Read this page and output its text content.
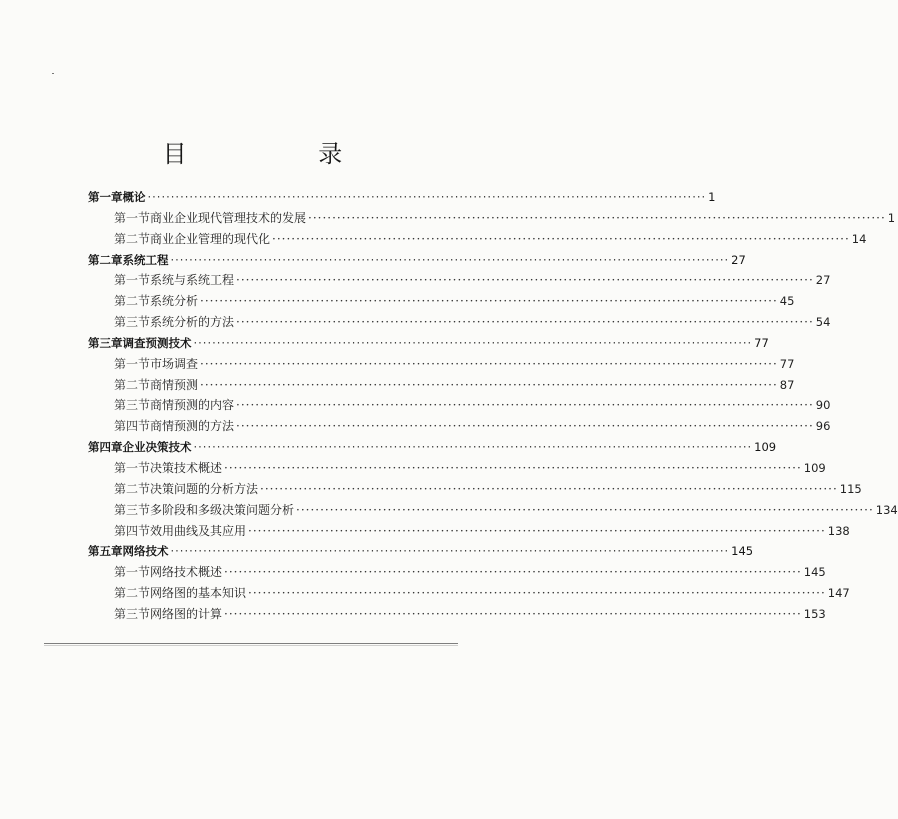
目 录
第一章 概论 ························································································································ 1
第一节 商业企业现代管理技术的发展 ························································································································ 1
第二节 商业企业管理的现代化 ························································································································ 14
第二章 系统工程 ························································································································ 27
第一节 系统与系统工程 ························································································································ 27
第二节 系统分析 ························································································································ 45
第三节 系统分析的方法 ························································································································ 54
第三章 调查预测技术 ························································································································ 77
第一节 市场调查 ························································································································ 77
第二节 商情预测 ························································································································ 87
第三节 商情预测的内容 ························································································································ 90
第四节 商情预测的方法 ························································································································ 96
第四章 企业决策技术 ························································································································ 109
第一节 决策技术概述 ························································································································ 109
第二节 决策问题的分析方法 ························································································································ 115
第三节 多阶段和多级决策问题分析 ························································································································ 134
第四节 效用曲线及其应用 ························································································································ 138
第五章 网络技术 ························································································································ 145
第一节 网络技术概述 ························································································································ 145
第二节 网络图的基本知识 ························································································································ 147
第三节 网络图的计算 ························································································································ 153
